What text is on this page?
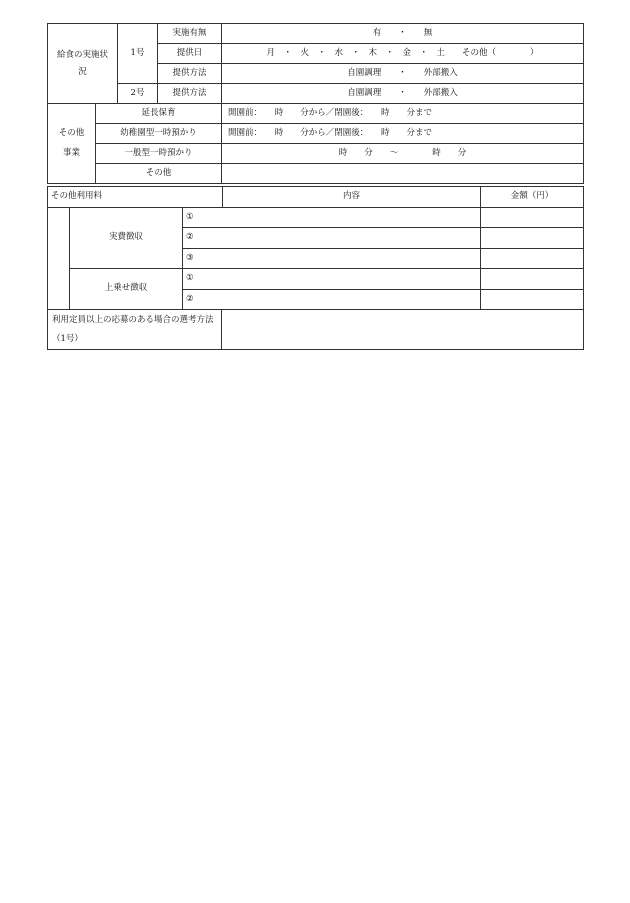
給食の実施状況	1号	実施有無	有　　・　　無
		提供日	月　・　火　・　水　・　木　・　金　・　土　　その他（　　　　）
		提供方法	自園調理　　・　　外部搬入
	2号	提供方法	自園調理　　・　　外部搬入
その他事業	延長保育	開園前：　　時　　分から／閉園後：　　時　　分まで
	幼稚園型一時預かり	開園前：　　時　　分から／閉園後：　　時　　分まで
	一般型一時預かり	時　　分　　～　　　　時　　分
	その他	
その他利用料			内容	金額（円）
	実費徴収	①		
		②		
		③		
	上乗せ徴収	①		
		②		
利用定員以上の応募のある場合の選考方法（1号）	
